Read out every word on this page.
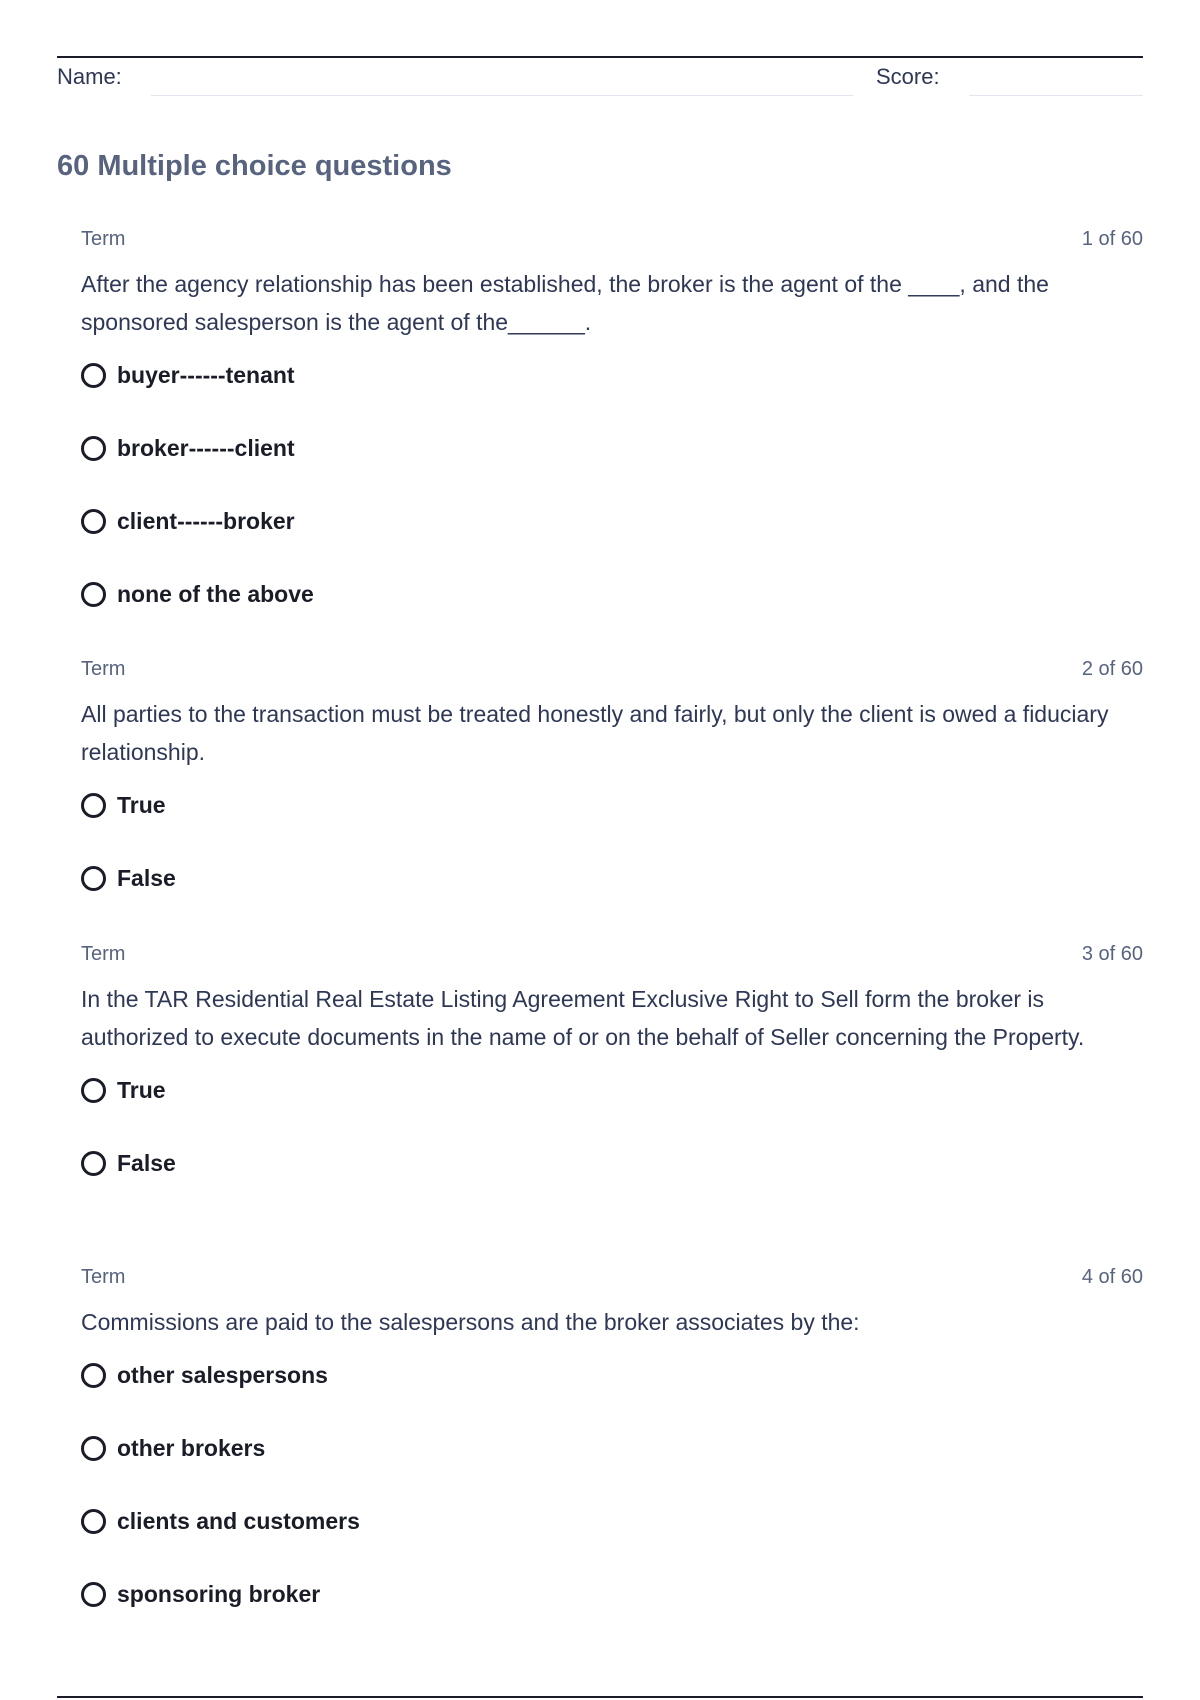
Name:	Score:
60 Multiple choice questions
Term	1 of 60
After the agency relationship has been established, the broker is the agent of the ____, and the sponsored salesperson is the agent of the______.
buyer------tenant
broker------client
client------broker
none of the above
Term	2 of 60
All parties to the transaction must be treated honestly and fairly, but only the client is owed a fiduciary relationship.
True
False
Term	3 of 60
In the TAR Residential Real Estate Listing Agreement Exclusive Right to Sell form the broker is authorized to execute documents in the name of or on the behalf of Seller concerning the Property.
True
False
Term	4 of 60
Commissions are paid to the salespersons and the broker associates by the:
other salespersons
other brokers
clients and customers
sponsoring broker
